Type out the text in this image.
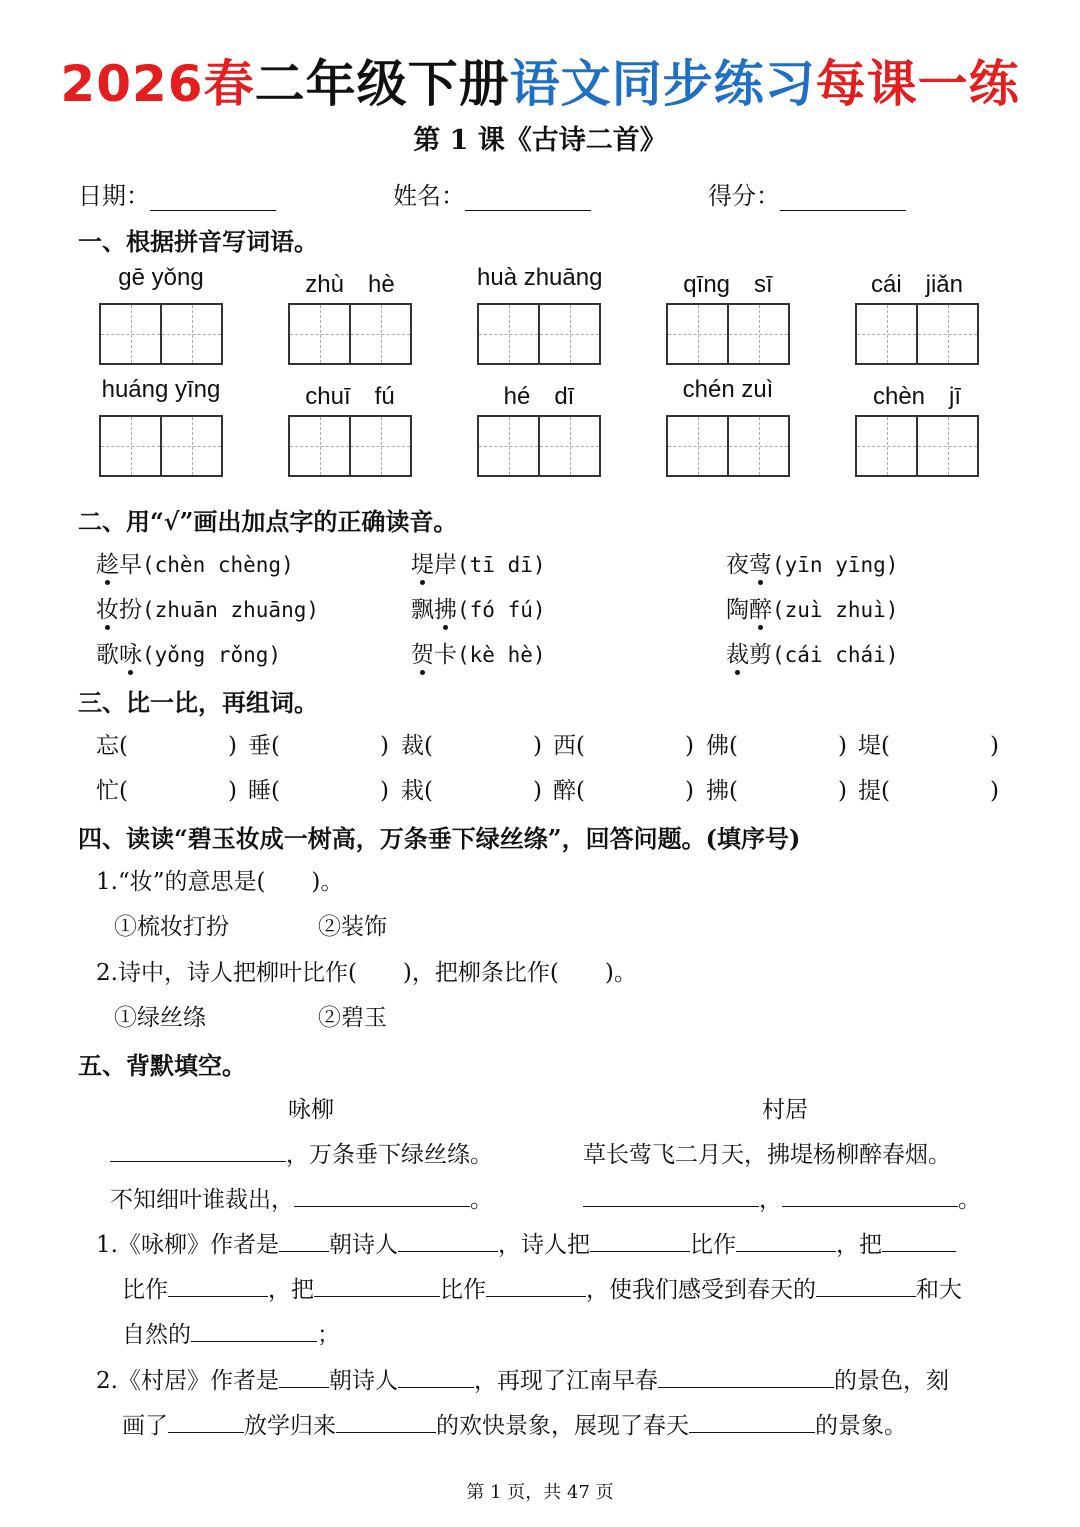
2026春二年级下册语文同步练习每课一练
第 1 课《古诗二首》
日期：	姓名：	得分：
一、根据拼音写词语。
gē yǒng	zhù　hè	huà zhuāng	qīng　sī	cái　jiǎn
huáng yīng	chuī　fú	hé　dī	chén zuì	chèn　jī
二、用“√”画出加点字的正确读音。
趁早(chèn chèng)	堤岸(tī dī)	夜莺(yīn yīng)
妆扮(zhuān zhuāng)	飘拂(fó fú)	陶醉(zuì zhuì)
歌咏(yǒng rǒng)	贺卡(kè hè)	裁剪(cái chái)
三、比一比，再组词。
忘(	) 垂(	) 裁(	) 西(	) 佛(	) 堤(	)
忙(	) 睡(	) 栽(	) 醉(	) 拂(	) 提(	)
四、读读“碧玉妆成一树高，万条垂下绿丝绦”，回答问题。(填序号)
1.“妆”的意思是(　　)。
①梳妆打扮	②装饰
2.诗中，诗人把柳叶比作(　　)，把柳条比作(　　)。
①绿丝绦	②碧玉
五、背默填空。
咏柳	村居
，万条垂下绿丝绦。	草长莺飞二月天，拂堤杨柳醉春烟。
不知细叶谁裁出，	。	，	。
1.《咏柳》作者是 朝诗人	，诗人把	比作	，把
比作	，把	比作	，使我们感受到春天的	和大
自然的	；
2.《村居》作者是 朝诗人	，再现了江南早春	的景色，刻
画了	放学归来	的欢快景象，展现了春天	的景象。
第 1 页，共 47 页
